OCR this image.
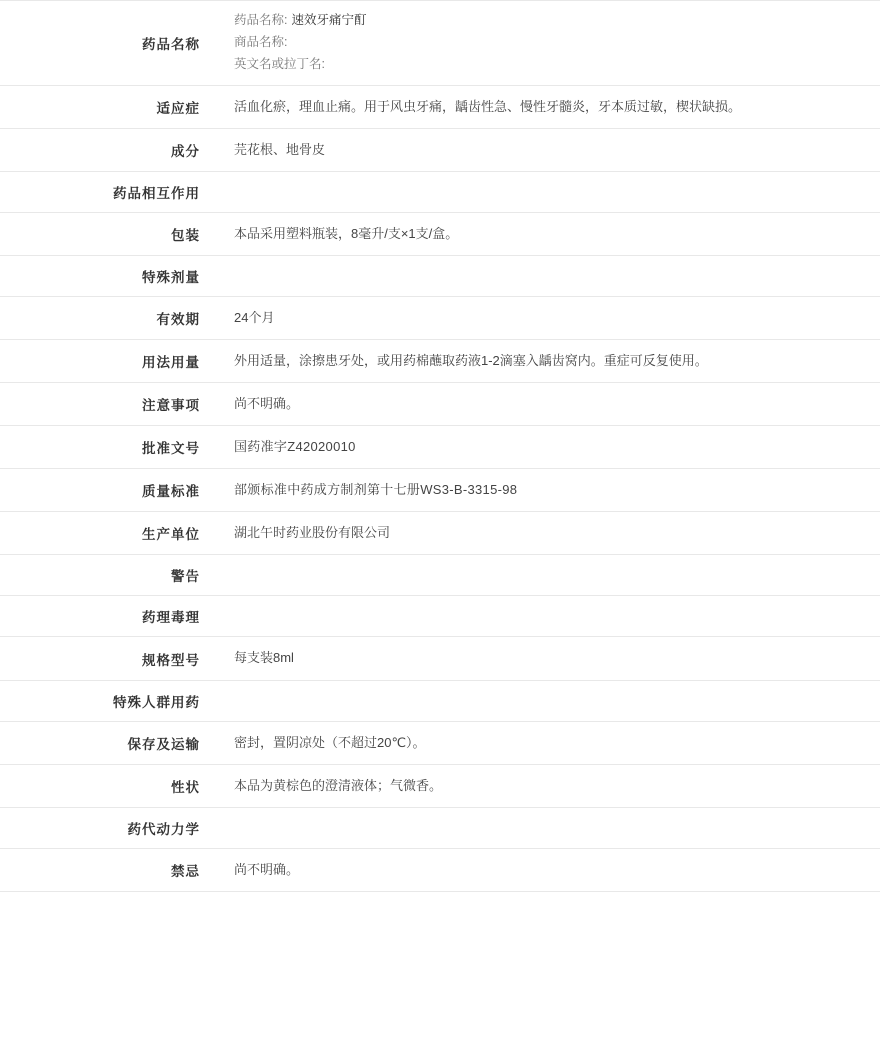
药品名称	药品名称: 速效牙痛宁酊
商品名称:
英文名或拉丁名:

适应症	活血化瘀，理血止痛。用于风虫牙痛，龋齿性急、慢性牙髓炎，牙本质过敏，楔状缺损。
成分	芫花根、地骨皮
药品相互作用	
包装	本品采用塑料瓶装，8毫升/支×1支/盒。
特殊剂量	
有效期	24个月
用法用量	外用适量，涂擦患牙处，或用药棉蘸取药液1-2滴塞入龋齿窝内。重症可反复使用。
注意事项	尚不明确。
批准文号	国药准字Z42020010
质量标准	部颁标准中药成方制剂第十七册WS3-B-3315-98
生产单位	湖北午时药业股份有限公司
警告	
药理毒理	
规格型号	每支装8ml
特殊人群用药	
保存及运输	密封，置阴凉处（不超过20℃）。
性状	本品为黄棕色的澄清液体；气微香。
药代动力学	
禁忌	尚不明确。
